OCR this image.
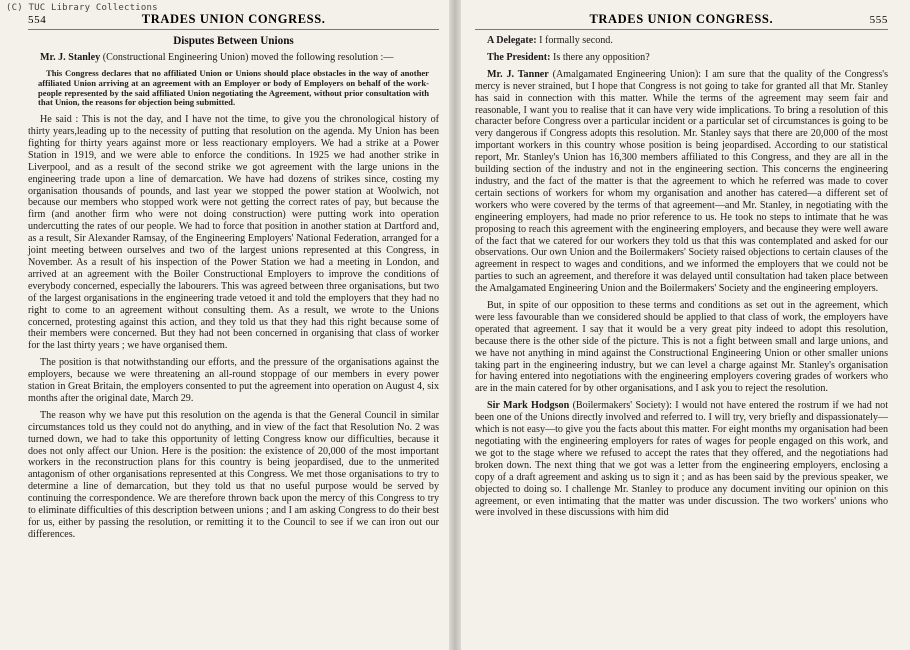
(C) TUC Library Collections
554	TRADES UNION CONGRESS.
Disputes Between Unions

Mr. J. Stanley (Constructional Engineering Union) moved the following resolution :—

This Congress declares that no affiliated Union or Unions should place obstacles in the way of another affiliated Union arriving at an agreement with an Employer or body of Employers on behalf of the work-people represented by the said affiliated Union negotiating the Agreement, without prior consultation with that Union, the reasons for objection being submitted.

He said : This is not the day, and I have not the time, to give you the chronological history of thirty years,leading up to the necessity of putting that resolution on the agenda. My Union has been fighting for thirty years against more or less reactionary employers. We had a strike at a Power Station in 1919, and we were able to enforce the conditions. In 1925 we had another strike in Liverpool, and as a result of the second strike we got agreement with the large unions in the engineering trade upon a line of demarcation. We have had dozens of strikes since, costing my organisation thousands of pounds, and last year we stopped the power station at Woolwich, not because our members who stopped work were not getting the correct rates of pay, but because the firm (and another firm who were not doing construction) were putting work into operation undercutting the rates of our people. We had to force that position in another station at Dartford and, as a result, Sir Alexander Ramsay, of the Engineering Employers' National Federation, arranged for a joint meeting between ourselves and two of the largest unions represented at this Congress, in November. As a result of his inspection of the Power Station we had a meeting in London, and arrived at an agreement with the Boiler Constructional Employers to improve the conditions of everybody concerned, especially the labourers. This was agreed between three organisations, but two of the largest organisations in the engineering trade vetoed it and told the employers that they had no right to come to an agreement without consulting them. As a result, we wrote to the Unions concerned, protesting against this action, and they told us that they had this right because some of their members were concerned. But they had not been concerned in organising that class of worker for the last thirty years ; we have organised them.

The position is that notwithstanding our efforts, and the pressure of the organisations against the employers, because we were threatening an all-round stoppage of our members in every power station in Great Britain, the employers consented to put the agreement into operation on August 4, six months after the original date, March 29.

The reason why we have put this resolution on the agenda is that the General Council in similar circumstances told us they could not do anything, and in view of the fact that Resolution No. 2 was turned down, we had to take this opportunity of letting Congress know our difficulties, because it does not only affect our Union. Here is the position: the existence of 20,000 of the most important workers in the reconstruction plans for this country is being jeopardised, due to the unmerited antagonism of other organisations represented at this Congress. We met those organisations to try to determine a line of demarcation, but they told us that no useful purpose would be served by continuing the correspondence. We are therefore thrown back upon the mercy of this Congress to try to eliminate difficulties of this description between unions ; and I am asking Congress to do their best for us, either by passing the resolution, or remitting it to the Council to see if we can iron out our differences.

TRADES UNION CONGRESS.	555

A Delegate: I formally second.

The President: Is there any opposition?

Mr. J. Tanner (Amalgamated Engineering Union): I am sure that the quality of the Congress's mercy is never strained, but I hope that Congress is not going to take for granted all that Mr. Stanley has said in connection with this matter. While the terms of the agreement may seem fair and reasonable, I want you to realise that it can have very wide implications. To bring a resolution of this character before Congress over a particular incident or a particular set of circumstances is going to be very dangerous if Congress adopts this resolution. Mr. Stanley says that there are 20,000 of the most important workers in this country whose position is being jeopardised. According to our statistical report, Mr. Stanley's Union has 16,300 members affiliated to this Congress, and they are all in the building section of the industry and not in the engineering section. This concerns the engineering industry, and the fact of the matter is that the agreement to which he referred was made to cover certain sections of workers for whom my organisation and another has catered—a different set of workers who were covered by the terms of that agreement—and Mr. Stanley, in negotiating with the engineering employers, had made no prior reference to us. He took no steps to intimate that he was proposing to reach this agreement with the engineering employers, and because they were well aware of the fact that we catered for our workers they told us that this was contemplated and asked for our observations. Our own Union and the Boilermakers' Society raised objections to certain clauses of the agreement in respect to wages and conditions, and we informed the employers that we could not be parties to such an agreement, and therefore it was delayed until consultation had taken place between the Amalgamated Engineering Union and the Boilermakers' Society and the engineering employers.

But, in spite of our opposition to these terms and conditions as set out in the agreement, which were less favourable than we considered should be applied to that class of work, the employers have operated that agreement. I say that it would be a very great pity indeed to adopt this resolution, because there is the other side of the picture. This is not a fight between small and large unions, and we have not anything in mind against the Constructional Engineering Union or other smaller unions taking part in the engineering industry, but we can level a charge against Mr. Stanley's organisation for having entered into negotiations with the engineering employers covering grades of workers who are in the main catered for by other organisations, and I ask you to reject the resolution.

Sir Mark Hodgson (Boilermakers' Society): I would not have entered the rostrum if we had not been one of the Unions directly involved and referred to. I will try, very briefly and dispassionately—which is not easy—to give you the facts about this matter. For eight months my organisation had been negotiating with the engineering employers for rates of wages for people engaged on this work, and we got to the stage where we refused to accept the rates that they offered, and the negotiations had broken down. The next thing that we got was a letter from the engineering employers, enclosing a copy of a draft agreement and asking us to sign it ; and as has been said by the previous speaker, we objected to doing so. I challenge Mr. Stanley to produce any document inviting our opinion on this agreement, or even intimating that the matter was under discussion. The two workers' unions who were involved in these discussions with him did
